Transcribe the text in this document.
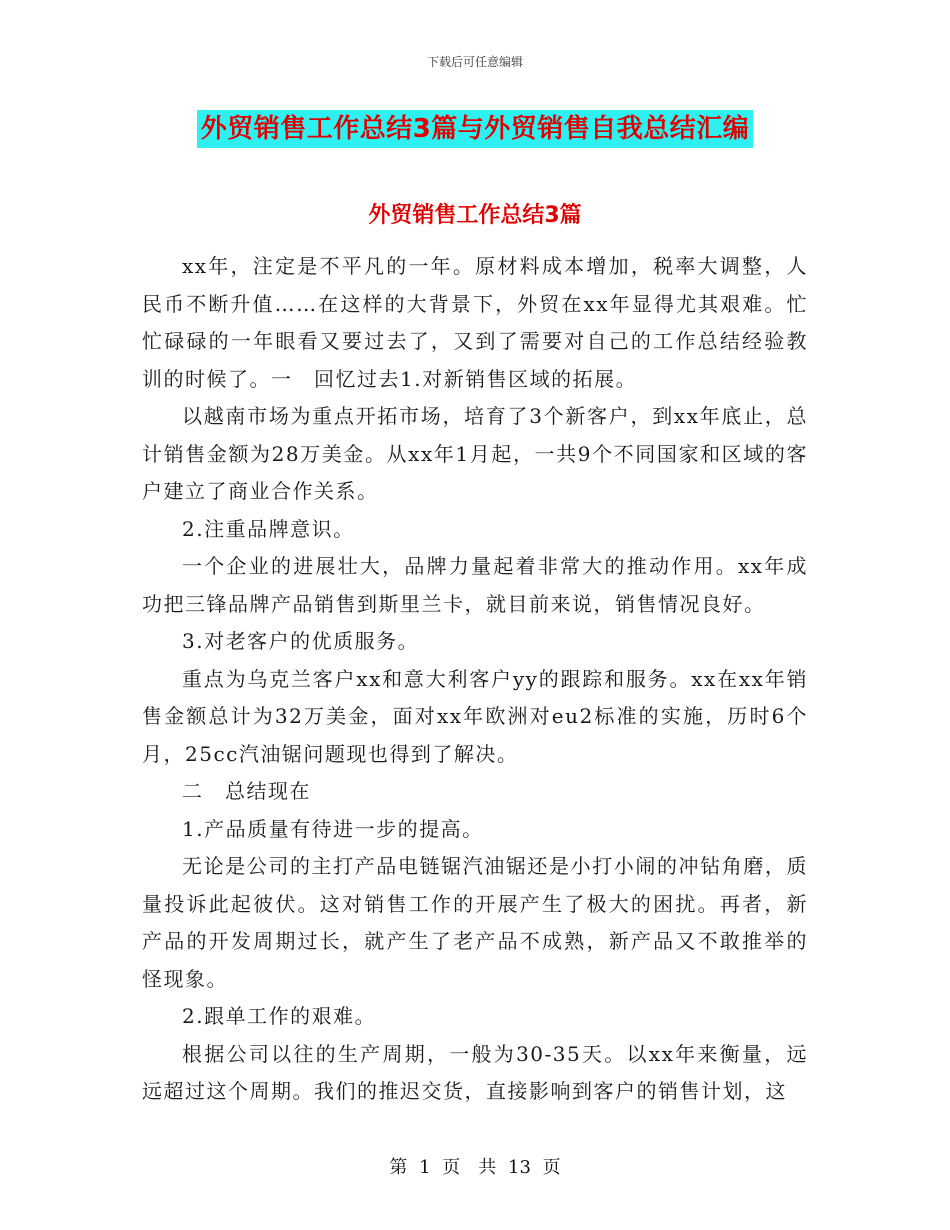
下载后可任意编辑
外贸销售工作总结3篇与外贸销售自我总结汇编
外贸销售工作总结3篇

xx年，注定是不平凡的一年。原材料成本增加，税率大调整，人民币不断升值……在这样的大背景下，外贸在xx年显得尤其艰难。忙忙碌碌的一年眼看又要过去了，又到了需要对自己的工作总结经验教训的时候了。一　回忆过去1.对新销售区域的拓展。

以越南市场为重点开拓市场，培育了3个新客户，到xx年底止，总计销售金额为28万美金。从xx年1月起，一共9个不同国家和区域的客户建立了商业合作关系。

2.注重品牌意识。

一个企业的进展壮大，品牌力量起着非常大的推动作用。xx年成功把三锋品牌产品销售到斯里兰卡，就目前来说，销售情况良好。

3.对老客户的优质服务。

重点为乌克兰客户xx和意大利客户yy的跟踪和服务。xx在xx年销售金额总计为32万美金，面对xx年欧洲对eu2标准的实施，历时6个月，25cc汽油锯问题现也得到了解决。

二　总结现在

1.产品质量有待进一步的提高。

无论是公司的主打产品电链锯汽油锯还是小打小闹的冲钻角磨，质量投诉此起彼伏。这对销售工作的开展产生了极大的困扰。再者，新产品的开发周期过长，就产生了老产品不成熟，新产品又不敢推举的怪现象。

2.跟单工作的艰难。

根据公司以往的生产周期，一般为30-35天。以xx年来衡量，远远超过这个周期。我们的推迟交货，直接影响到客户的销售计划，这

第 1 页　共 13 页
